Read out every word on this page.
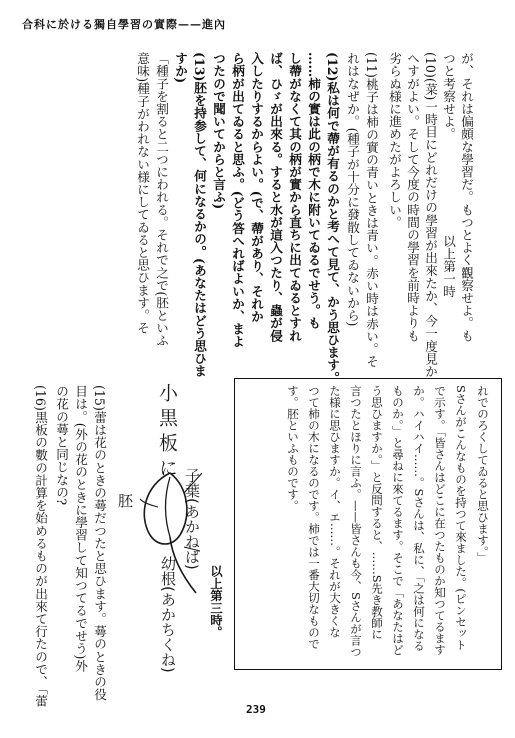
合科に於ける獨自學習の實際——進內
が、それは偏頗な學習だ。もつとよく觀察せよ。も
つと考察せよ。　　　　　　　　以上第一時
(10)(菜)一時目にどれだけの學習が出來たか、今一度見か
へすがよい。そして今度の時間の學習を前時よりも
劣らぬ様に進めたがよろしい。
(11)桃子は柿の實の青いときは青い。赤い時は赤い。そ
れはなぜか。(種子が十分に發散してゐないから)
(12)私は何で蔕が有るのかと考へて見て、かう思ひます。
……柿の實は此の柄で木に附いてゐるでせう。も
し蔕がなくて其の柄が實から直ちに出てゐるとすれ
ば、ひゞが出來る。すると水が這入つたり、蟲が侵
入したりするからよい。(で、蔕があり、それか
ら柄が出てゐると思ふ。(どう答へればよいか、まよ
つたので聞いてからと言ふ)
(13)胚を持参して、何になるかの。(あなたはどう思ひま
すか)
「種子を割ると二つにわれる。それで之で(胚といふ
意味)種子がわれない様にしてゐると思ひます。そ
れでのろくしてゐると思ひます。」
Sさんがこんなものを持つて來ました。(ピンセット
で示す。「皆さんはどこに在つたものか知つてるます
か。ハイハイ……。Sさんは、私に、「之は何になる
ものか。」と尋ねに來てるます。そこで「あなたはど
う思ひますか。」と反問すると、……S先き教師に
言つたとほりに言ふ。——皆さんも今、Sさんが言つ
た様に思ひますか。イ、エ……。それが大きくな
つて柿の木になるのです。柿では一番大切なもので
す。胚といふものです。
以上第三時。
小黒板に
胚	子葉(あかねば)
幼根(あかちくね)
(15)蕾は花のときの蕚だつたと思ひます。蕚のときの役
目は。(外の花のときに學習して知つてるでせう)外
の花の蕚と同じなの?
(16)黒板の數の計算を始めるものが出來て行たので、「蕾
239
